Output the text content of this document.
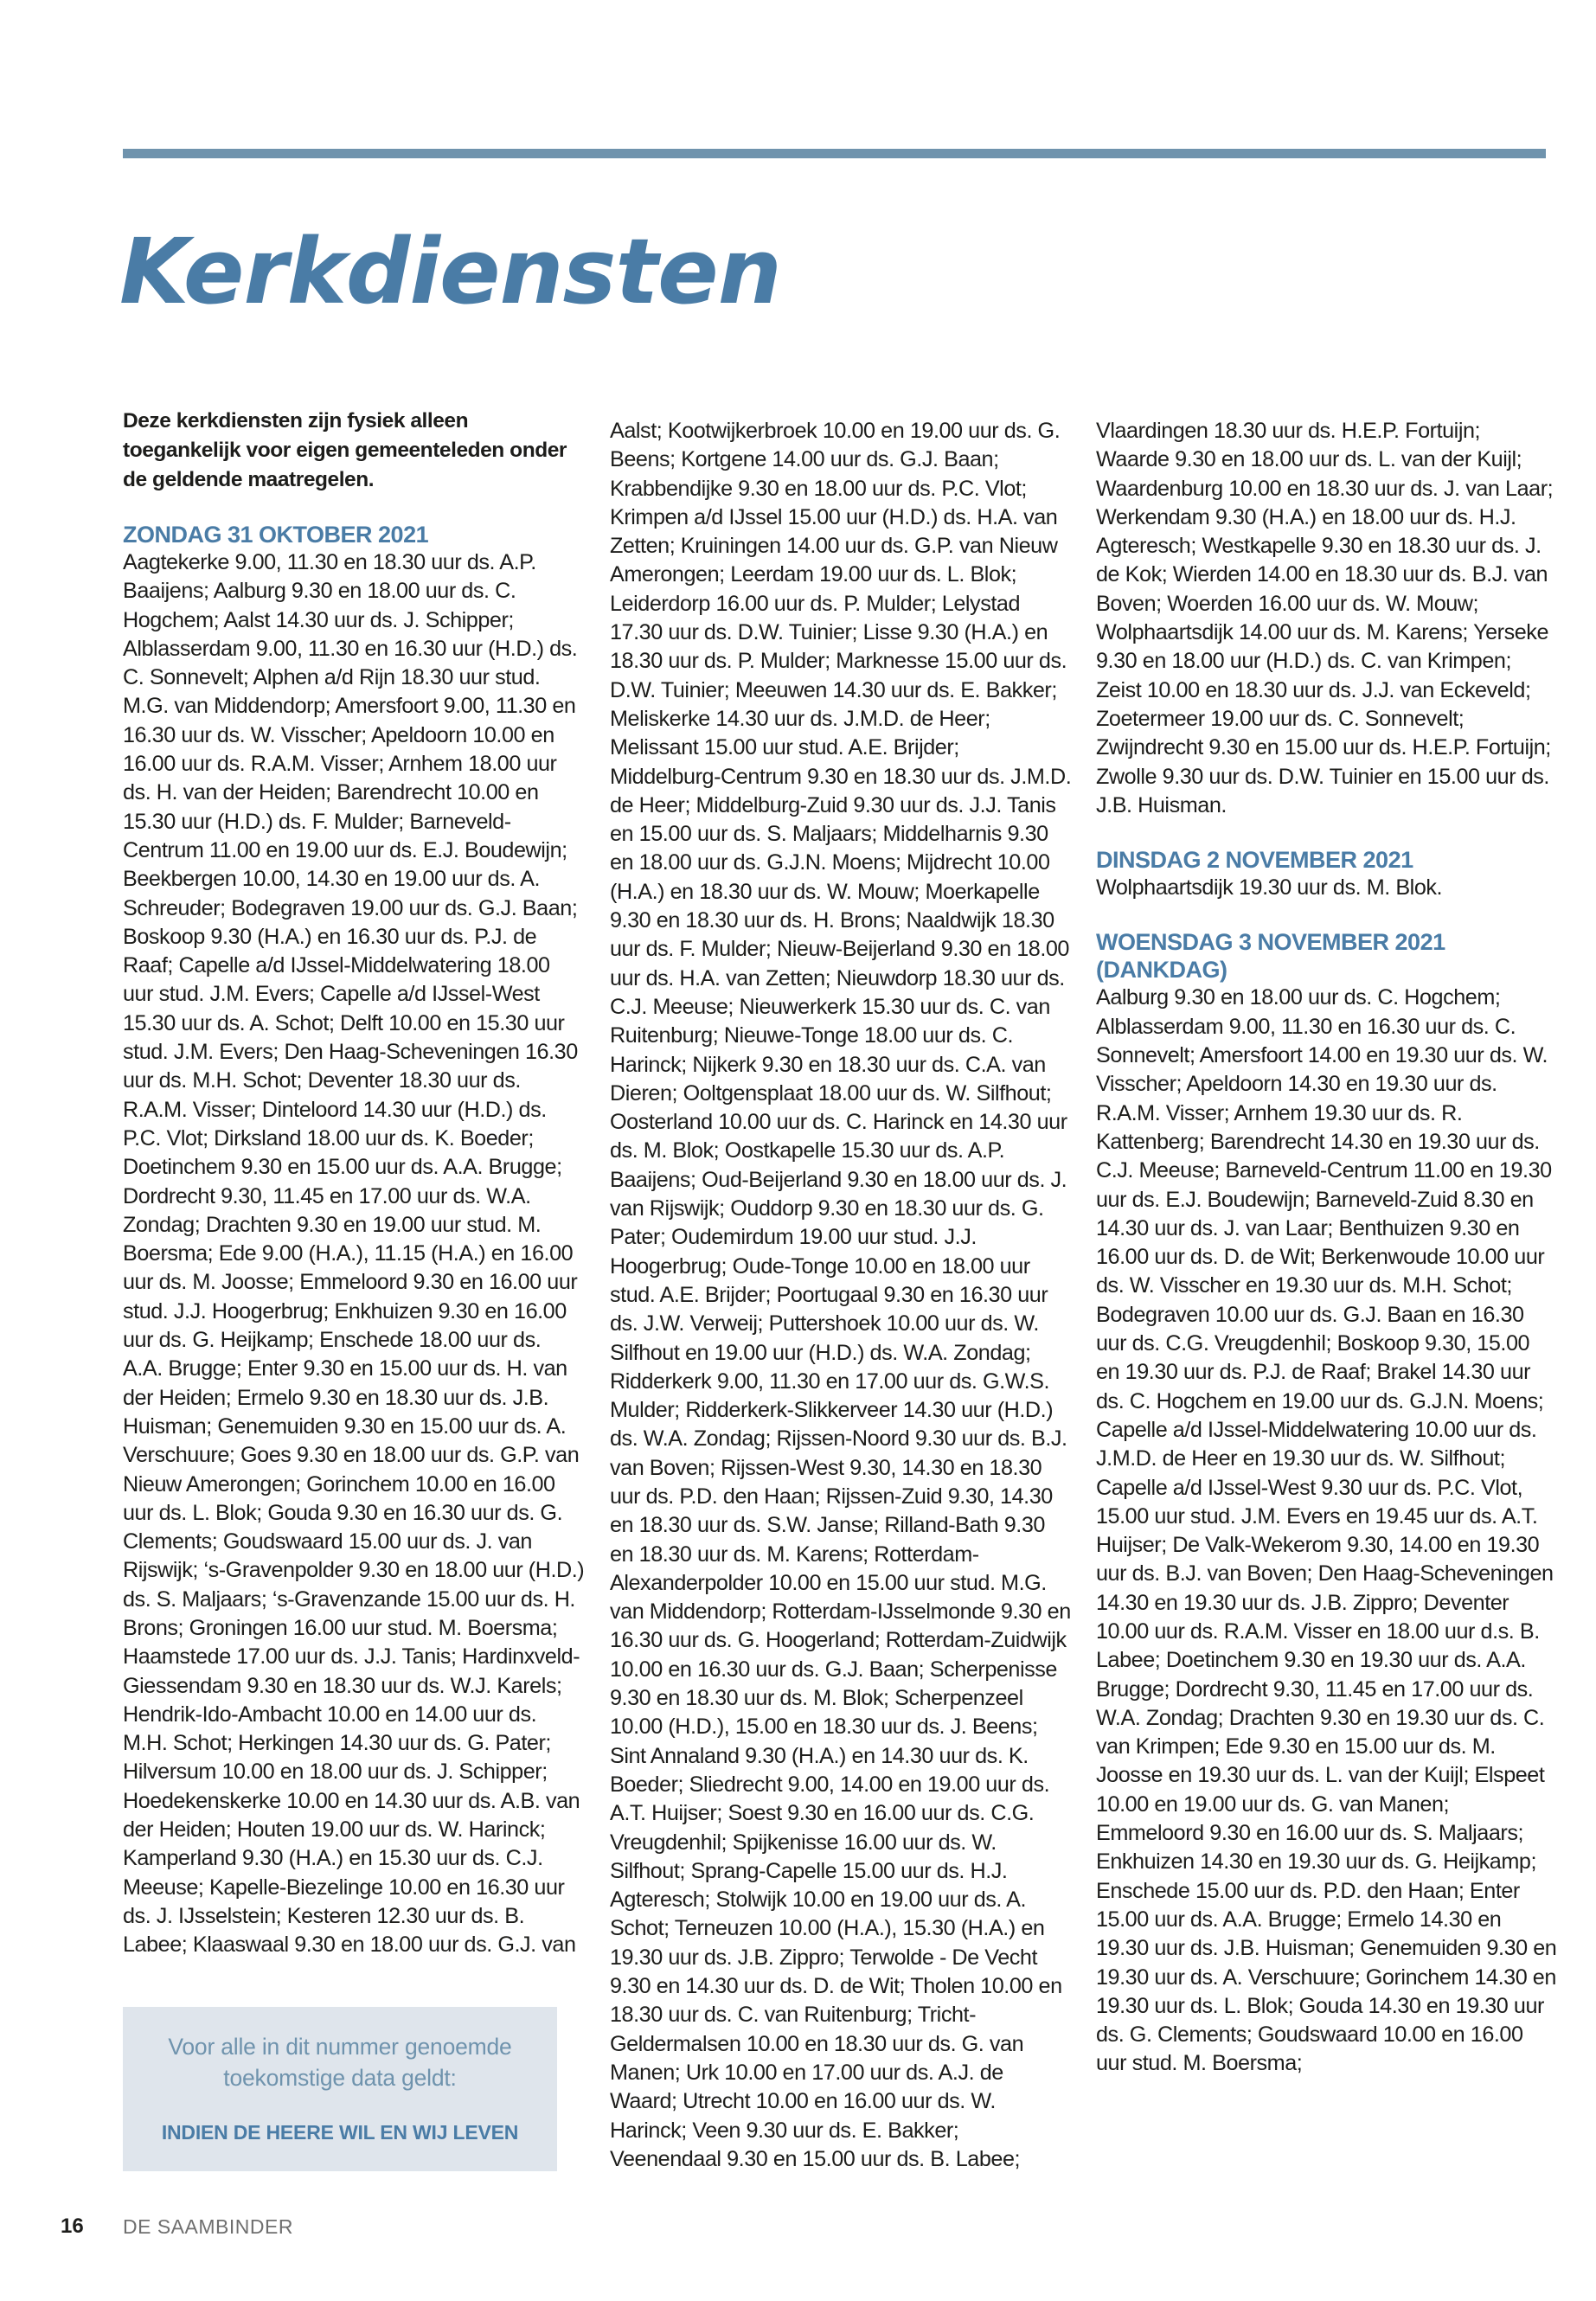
Kerkdiensten

Deze kerkdiensten zijn fysiek alleen toegankelijk voor eigen gemeenteleden onder de geldende maatregelen.

ZONDAG 31 OKTOBER 2021

Aagtekerke 9.00, 11.30 en 18.30 uur ds. A.P. Baaijens; Aalburg 9.30 en 18.00 uur ds. C. Hogchem; Aalst 14.30 uur ds. J. Schipper; Alblasserdam 9.00, 11.30 en 16.30 uur (H.D.) ds. C. Sonnevelt; Alphen a/d Rijn 18.30 uur stud. M.G. van Middendorp; Amersfoort 9.00, 11.30 en 16.30 uur ds. W. Visscher; Apeldoorn 10.00 en 16.00 uur ds. R.A.M. Visser; Arnhem 18.00 uur ds. H. van der Heiden; Barendrecht 10.00 en 15.30 uur (H.D.) ds. F. Mulder; Barneveld-Centrum 11.00 en 19.00 uur ds. E.J. Boudewijn; Beekbergen 10.00, 14.30 en 19.00 uur ds. A. Schreuder; Bodegraven 19.00 uur ds. G.J. Baan; Boskoop 9.30 (H.A.) en 16.30 uur ds. P.J. de Raaf; Capelle a/d IJssel-Middelwatering 18.00 uur stud. J.M. Evers; Capelle a/d IJssel-West 15.30 uur ds. A. Schot; Delft 10.00 en 15.30 uur stud. J.M. Evers; Den Haag-Scheveningen 16.30 uur ds. M.H. Schot; Deventer 18.30 uur ds. R.A.M. Visser; Dinteloord 14.30 uur (H.D.) ds. P.C. Vlot; Dirksland 18.00 uur ds. K. Boeder; Doetinchem 9.30 en 15.00 uur ds. A.A. Brugge; Dordrecht 9.30, 11.45 en 17.00 uur ds. W.A. Zondag; Drachten 9.30 en 19.00 uur stud. M. Boersma; Ede 9.00 (H.A.), 11.15 (H.A.) en 16.00 uur ds. M. Joosse; Emmeloord 9.30 en 16.00 uur stud. J.J. Hoogerbrug; Enkhuizen 9.30 en 16.00 uur ds. G. Heijkamp; Enschede 18.00 uur ds. A.A. Brugge; Enter 9.30 en 15.00 uur ds. H. van der Heiden; Ermelo 9.30 en 18.30 uur ds. J.B. Huisman; Genemuiden 9.30 en 15.00 uur ds. A. Verschuure; Goes 9.30 en 18.00 uur ds. G.P. van Nieuw Amerongen; Gorinchem 10.00 en 16.00 uur ds. L. Blok; Gouda 9.30 en 16.30 uur ds. G. Clements; Goudswaard 15.00 uur ds. J. van Rijswijk; ‘s-Gravenpolder 9.30 en 18.00 uur (H.D.) ds. S. Maljaars; ‘s-Gravenzande 15.00 uur ds. H. Brons; Groningen 16.00 uur stud. M. Boersma; Haamstede 17.00 uur ds. J.J. Tanis; Hardinxveld-Giessendam 9.30 en 18.30 uur ds. W.J. Karels; Hendrik-Ido-Ambacht 10.00 en 14.00 uur ds. M.H. Schot; Herkingen 14.30 uur ds. G. Pater; Hilversum 10.00 en 18.00 uur ds. J. Schipper; Hoedekenskerke 10.00 en 14.30 uur ds. A.B. van der Heiden; Houten 19.00 uur ds. W. Harinck; Kamperland 9.30 (H.A.) en 15.30 uur ds. C.J. Meeuse; Kapelle-Biezelinge 10.00 en 16.30 uur ds. J. IJsselstein; Kesteren 12.30 uur ds. B. Labee; Klaaswaal 9.30 en 18.00 uur ds. G.J. van

Aalst; Kootwijkerbroek 10.00 en 19.00 uur ds. G. Beens; Kortgene 14.00 uur ds. G.J. Baan; Krabbendijke 9.30 en 18.00 uur ds. P.C. Vlot; Krimpen a/d IJssel 15.00 uur (H.D.) ds. H.A. van Zetten; Kruiningen 14.00 uur ds. G.P. van Nieuw Amerongen; Leerdam 19.00 uur ds. L. Blok; Leiderdorp 16.00 uur ds. P. Mulder; Lelystad 17.30 uur ds. D.W. Tuinier; Lisse 9.30 (H.A.) en 18.30 uur ds. P. Mulder; Marknesse 15.00 uur ds. D.W. Tuinier; Meeuwen 14.30 uur ds. E. Bakker; Meliskerke 14.30 uur ds. J.M.D. de Heer; Melissant 15.00 uur stud. A.E. Brijder; Middelburg-Centrum 9.30 en 18.30 uur ds. J.M.D. de Heer; Middelburg-Zuid 9.30 uur ds. J.J. Tanis en 15.00 uur ds. S. Maljaars; Middelharnis 9.30 en 18.00 uur ds. G.J.N. Moens; Mijdrecht 10.00 (H.A.) en 18.30 uur ds. W. Mouw; Moerkapelle 9.30 en 18.30 uur ds. H. Brons; Naaldwijk 18.30 uur ds. F. Mulder; Nieuw-Beijerland 9.30 en 18.00 uur ds. H.A. van Zetten; Nieuwdorp 18.30 uur ds. C.J. Meeuse; Nieuwerkerk 15.30 uur ds. C. van Ruitenburg; Nieuwe-Tonge 18.00 uur ds. C. Harinck; Nijkerk 9.30 en 18.30 uur ds. C.A. van Dieren; Ooltgensplaat 18.00 uur ds. W. Silfhout; Oosterland 10.00 uur ds. C. Harinck en 14.30 uur ds. M. Blok; Oostkapelle 15.30 uur ds. A.P. Baaijens; Oud-Beijerland 9.30 en 18.00 uur ds. J. van Rijswijk; Ouddorp 9.30 en 18.30 uur ds. G. Pater; Oudemirdum 19.00 uur stud. J.J. Hoogerbrug; Oude-Tonge 10.00 en 18.00 uur stud. A.E. Brijder; Poortugaal 9.30 en 16.30 uur ds. J.W. Verweij; Puttershoek 10.00 uur ds. W. Silfhout en 19.00 uur (H.D.) ds. W.A. Zondag; Ridderkerk 9.00, 11.30 en 17.00 uur ds. G.W.S. Mulder; Ridderkerk-Slikkerveer 14.30 uur (H.D.) ds. W.A. Zondag; Rijssen-Noord 9.30 uur ds. B.J. van Boven; Rijssen-West 9.30, 14.30 en 18.30 uur ds. P.D. den Haan; Rijssen-Zuid 9.30, 14.30 en 18.30 uur ds. S.W. Janse; Rilland-Bath 9.30 en 18.30 uur ds. M. Karens; Rotterdam-Alexanderpolder 10.00 en 15.00 uur stud. M.G. van Middendorp; Rotterdam-IJsselmonde 9.30 en 16.30 uur ds. G. Hoogerland; Rotterdam-Zuidwijk 10.00 en 16.30 uur ds. G.J. Baan; Scherpenisse 9.30 en 18.30 uur ds. M. Blok; Scherpenzeel 10.00 (H.D.), 15.00 en 18.30 uur ds. J. Beens; Sint Annaland 9.30 (H.A.) en 14.30 uur ds. K. Boeder; Sliedrecht 9.00, 14.00 en 19.00 uur ds. A.T. Huijser; Soest 9.30 en 16.00 uur ds. C.G. Vreugdenhil; Spijkenisse 16.00 uur ds. W. Silfhout; Sprang-Capelle 15.00 uur ds. H.J. Agteresch; Stolwijk 10.00 en 19.00 uur ds. A. Schot; Terneuzen 10.00 (H.A.), 15.30 (H.A.) en 19.30 uur ds. J.B. Zippro; Terwolde - De Vecht 9.30 en 14.30 uur ds. D. de Wit; Tholen 10.00 en 18.30 uur ds. C. van Ruitenburg; Tricht-Geldermalsen 10.00 en 18.30 uur ds. G. van Manen; Urk 10.00 en 17.00 uur ds. A.J. de Waard; Utrecht 10.00 en 16.00 uur ds. W. Harinck; Veen 9.30 uur ds. E. Bakker; Veenendaal 9.30 en 15.00 uur ds. B. Labee;

Vlaardingen 18.30 uur ds. H.E.P. Fortuijn; Waarde 9.30 en 18.00 uur ds. L. van der Kuijl; Waardenburg 10.00 en 18.30 uur ds. J. van Laar; Werkendam 9.30 (H.A.) en 18.00 uur ds. H.J. Agteresch; Westkapelle 9.30 en 18.30 uur ds. J. de Kok; Wierden 14.00 en 18.30 uur ds. B.J. van Boven; Woerden 16.00 uur ds. W. Mouw; Wolphaartsdijk 14.00 uur ds. M. Karens; Yerseke 9.30 en 18.00 uur (H.D.) ds. C. van Krimpen; Zeist 10.00 en 18.30 uur ds. J.J. van Eckeveld; Zoetermeer 19.00 uur ds. C. Sonnevelt; Zwijndrecht 9.30 en 15.00 uur ds. H.E.P. Fortuijn; Zwolle 9.30 uur ds. D.W. Tuinier en 15.00 uur ds. J.B. Huisman.

DINSDAG 2 NOVEMBER 2021

Wolphaartsdijk 19.30 uur ds. M. Blok.

WOENSDAG 3 NOVEMBER 2021
(DANKDAG)

Aalburg 9.30 en 18.00 uur ds. C. Hogchem; Alblasserdam 9.00, 11.30 en 16.30 uur ds. C. Sonnevelt; Amersfoort 14.00 en 19.30 uur ds. W. Visscher; Apeldoorn 14.30 en 19.30 uur ds. R.A.M. Visser; Arnhem 19.30 uur ds. R. Kattenberg; Barendrecht 14.30 en 19.30 uur ds. C.J. Meeuse; Barneveld-Centrum 11.00 en 19.30 uur ds. E.J. Boudewijn; Barneveld-Zuid 8.30 en 14.30 uur ds. J. van Laar; Benthuizen 9.30 en 16.00 uur ds. D. de Wit; Berkenwoude 10.00 uur ds. W. Visscher en 19.30 uur ds. M.H. Schot; Bodegraven 10.00 uur ds. G.J. Baan en 16.30 uur ds. C.G. Vreugdenhil; Boskoop 9.30, 15.00 en 19.30 uur ds. P.J. de Raaf; Brakel 14.30 uur ds. C. Hogchem en 19.00 uur ds. G.J.N. Moens; Capelle a/d IJssel-Middelwatering 10.00 uur ds. J.M.D. de Heer en 19.30 uur ds. W. Silfhout; Capelle a/d IJssel-West 9.30 uur ds. P.C. Vlot, 15.00 uur stud. J.M. Evers en 19.45 uur ds. A.T. Huijser; De Valk-Wekerom 9.30, 14.00 en 19.30 uur ds. B.J. van Boven; Den Haag-Scheveningen 14.30 en 19.30 uur ds. J.B. Zippro; Deventer 10.00 uur ds. R.A.M. Visser en 18.00 uur d.s. B. Labee; Doetinchem 9.30 en 19.30 uur ds. A.A. Brugge; Dordrecht 9.30, 11.45 en 17.00 uur ds. W.A. Zondag; Drachten 9.30 en 19.30 uur ds. C. van Krimpen; Ede 9.30 en 15.00 uur ds. M. Joosse en 19.30 uur ds. L. van der Kuijl; Elspeet 10.00 en 19.00 uur ds. G. van Manen; Emmeloord 9.30 en 16.00 uur ds. S. Maljaars; Enkhuizen 14.30 en 19.30 uur ds. G. Heijkamp; Enschede 15.00 uur ds. P.D. den Haan; Enter 15.00 uur ds. A.A. Brugge; Ermelo 14.30 en 19.30 uur ds. J.B. Huisman; Genemuiden 9.30 en 19.30 uur ds. A. Verschuure; Gorinchem 14.30 en 19.30 uur ds. L. Blok; Gouda 14.30 en 19.30 uur ds. G. Clements; Goudswaard 10.00 en 16.00 uur stud. M. Boersma;

Voor alle in dit nummer genoemde

toekomstige data geldt:

INDIEN DE HEERE WIL EN WIJ LEVEN

16 DE SAAMBINDER
